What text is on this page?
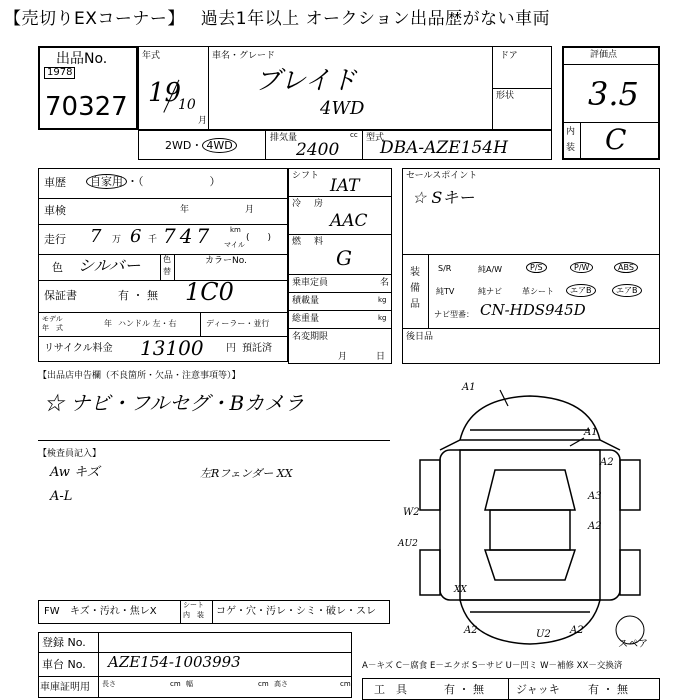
【売切りEXコーナー】 過去1年以上 オークション出品歴がない車両
出品No.
1978
70327
年式
19
10
月
車名・グレード
ブレイド
4WD
ドア
形状
2WD・ 4WD
排気量	cc
2400
型式
DBA-AZE154H
評価点
3.5
内
装 C
車歴	自家用 ・（　　　　　　）
車検	年	月
走行 7 万 6 千 747 km
マイル
(　　)
色 シルバー	色
替
カラーNo.
保証書	有 ・ 無 1C0
モデル
年　式	年 ハンドル 左・右	ディーラー・並行
リサイクル料金 13100 円 預託済
シフト IAT
冷 房
AAC
燃 料
G
乗車定員	名
積載量	kg
総重量	kg
名変期限
月	日
セールスポイント
☆ Sキー
装
備
品
S/R	純A/W	P/S	P/W	ABS
純TV	純ナビ	革シート	エアB	エアB
ナビ型番： CN-HDS945D
後日品
【出品店申告欄（不良箇所・欠品・注意事項等）】
☆ ナビ・フルセグ・Bカメラ
【検査員記入】
Aw キズ
A-L
左Rフェンダー XX
A1
A1
A2
A3
A2
W2
AU2
XX
A2	U2 A2
スペア
FW キズ・汚れ・焦レX
シート
内　装 コゲ・穴・汚レ・シミ・破レ・スレ
登録 No.
車台 No. AZE154-1003993
車庫証明用 長さ	cm 幅	cm 高さ	cm
A－キズ C－腐食 E－エクボ S－サビ U－凹ミ W－補修 XX－交換済
工　具	有 ・ 無	ジャッキ	有 ・ 無
